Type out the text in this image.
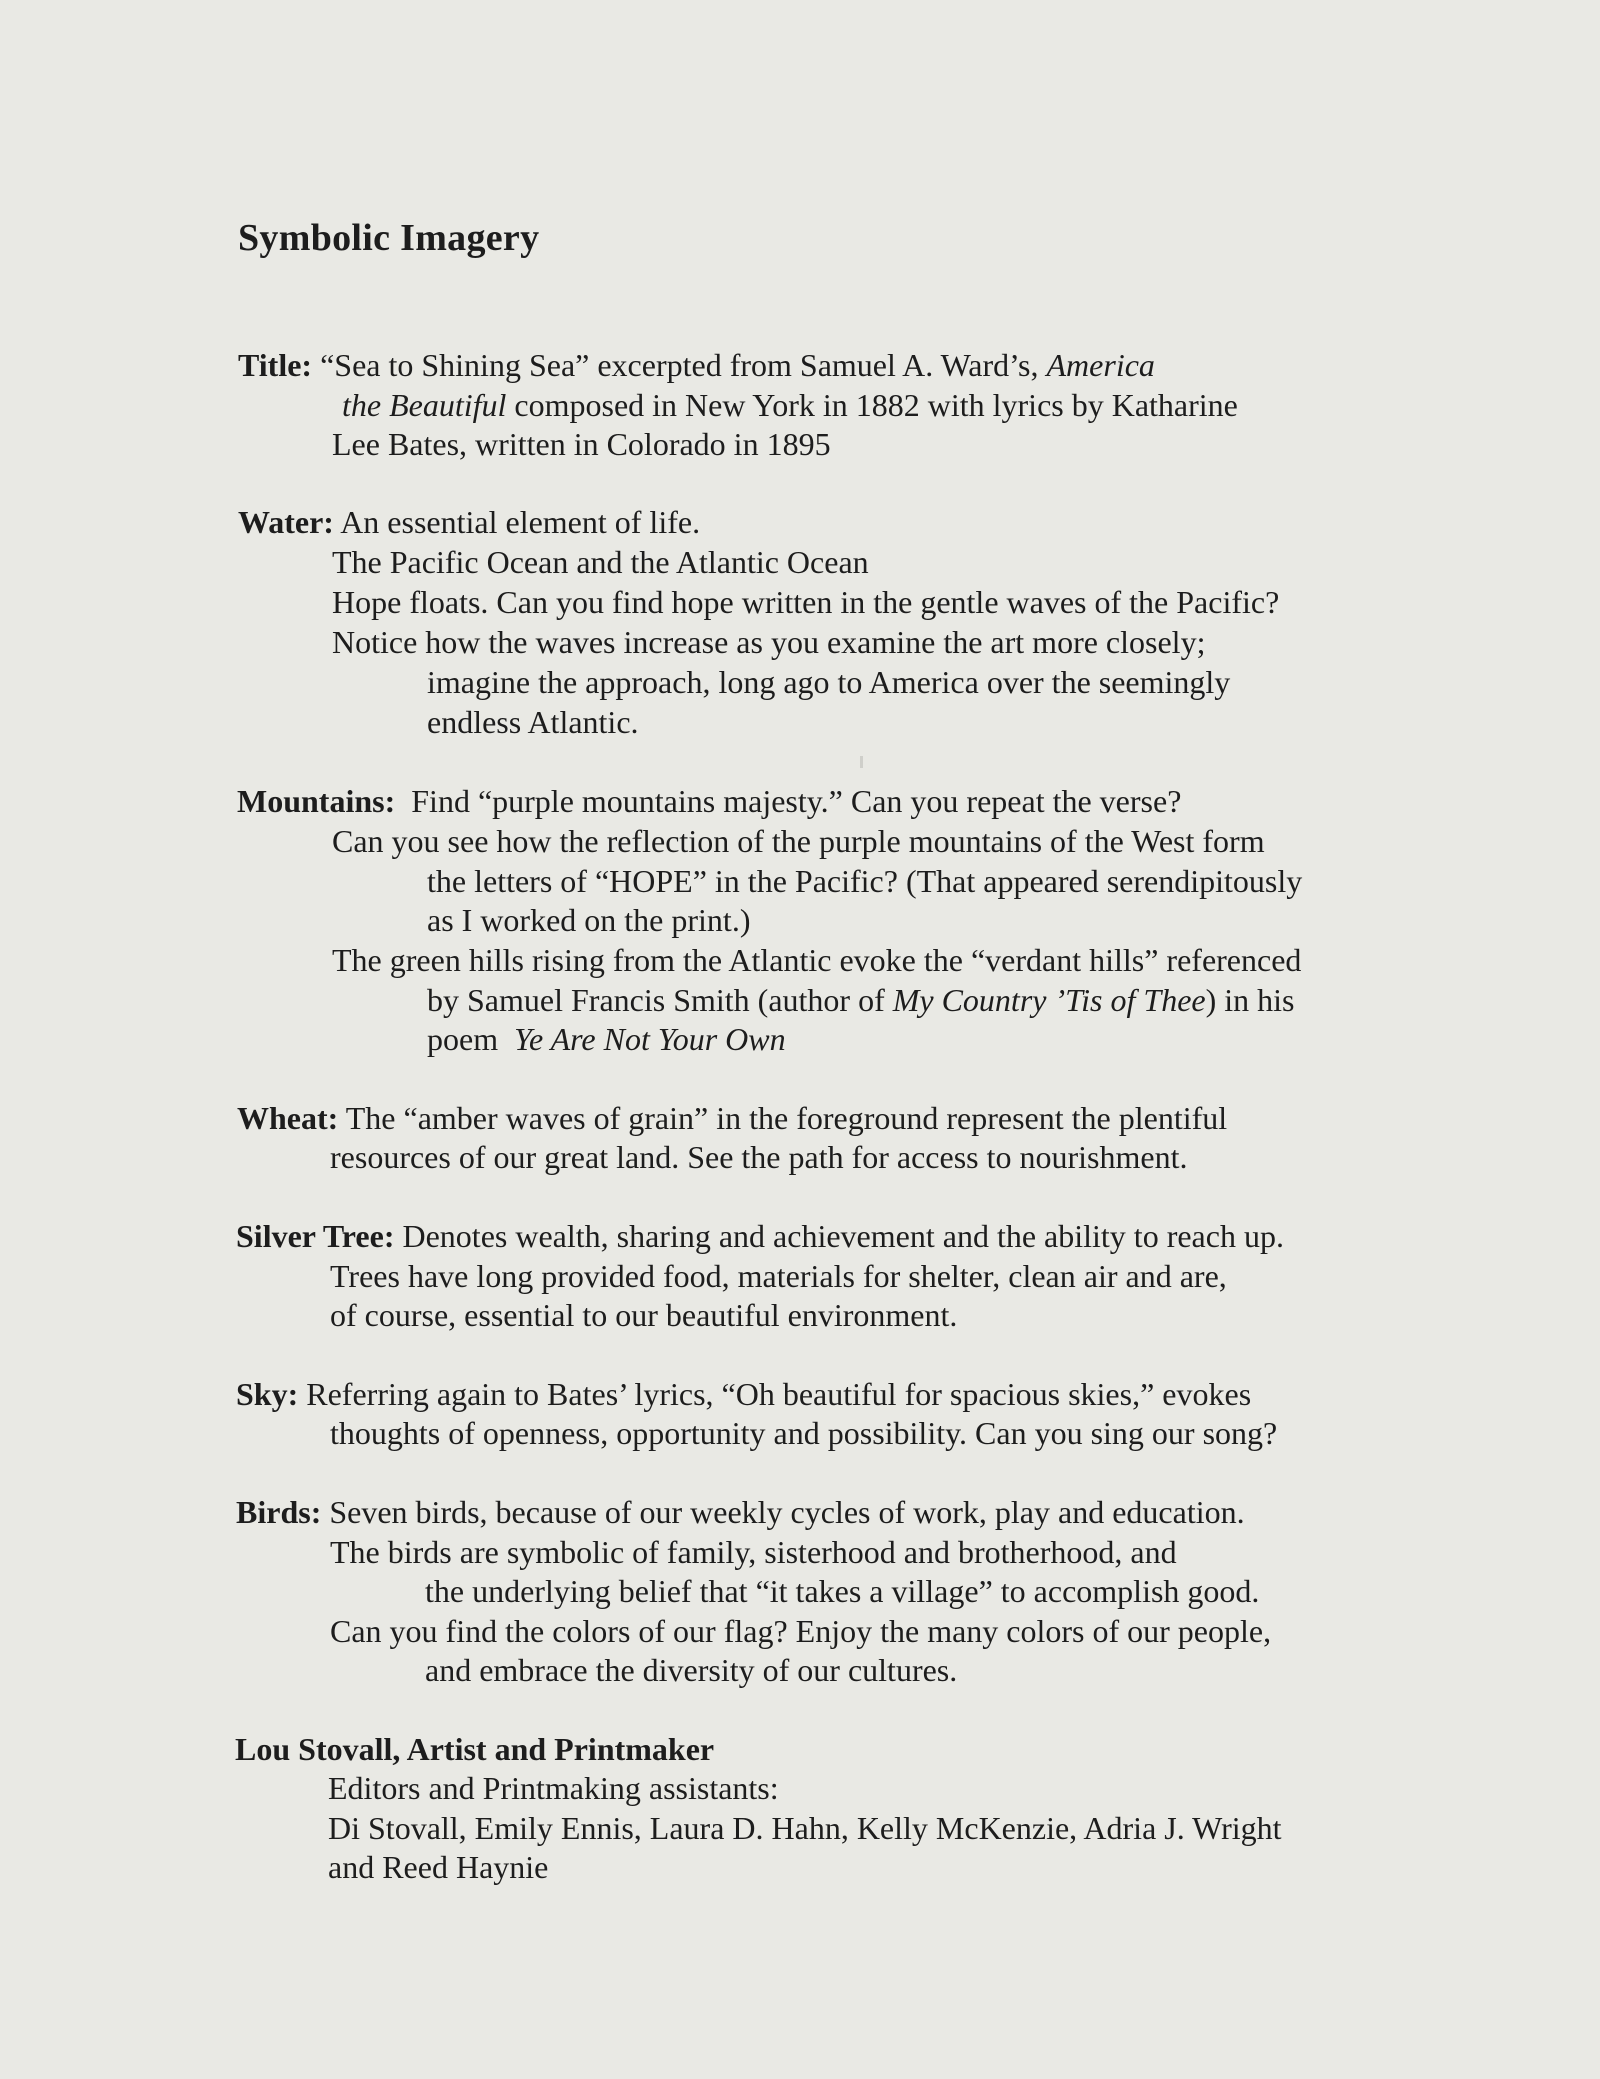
Symbolic Imagery
Title: “Sea to Shining Sea” excerpted from Samuel A. Ward’s, America
the Beautiful composed in New York in 1882 with lyrics by Katharine
Lee Bates, written in Colorado in 1895
Water: An essential element of life.
The Pacific Ocean and the Atlantic Ocean
Hope floats. Can you find hope written in the gentle waves of the Pacific?
Notice how the waves increase as you examine the art more closely;
imagine the approach, long ago to America over the seemingly
endless Atlantic.
Mountains: Find “purple mountains majesty.” Can you repeat the verse?
Can you see how the reflection of the purple mountains of the West form
the letters of “HOPE” in the Pacific? (That appeared serendipitously
as I worked on the print.)
The green hills rising from the Atlantic evoke the “verdant hills” referenced
by Samuel Francis Smith (author of My Country ’Tis of Thee) in his
poem  Ye Are Not Your Own
Wheat: The “amber waves of grain” in the foreground represent the plentiful
resources of our great land. See the path for access to nourishment.
Silver Tree: Denotes wealth, sharing and achievement and the ability to reach up.
Trees have long provided food, materials for shelter, clean air and are,
of course, essential to our beautiful environment.
Sky: Referring again to Bates’ lyrics, “Oh beautiful for spacious skies,” evokes
thoughts of openness, opportunity and possibility. Can you sing our song?
Birds: Seven birds, because of our weekly cycles of work, play and education.
The birds are symbolic of family, sisterhood and brotherhood, and
the underlying belief that “it takes a village” to accomplish good.
Can you find the colors of our flag? Enjoy the many colors of our people,
and embrace the diversity of our cultures.
Lou Stovall, Artist and Printmaker
Editors and Printmaking assistants:
Di Stovall, Emily Ennis, Laura D. Hahn, Kelly McKenzie, Adria J. Wright
and Reed Haynie
